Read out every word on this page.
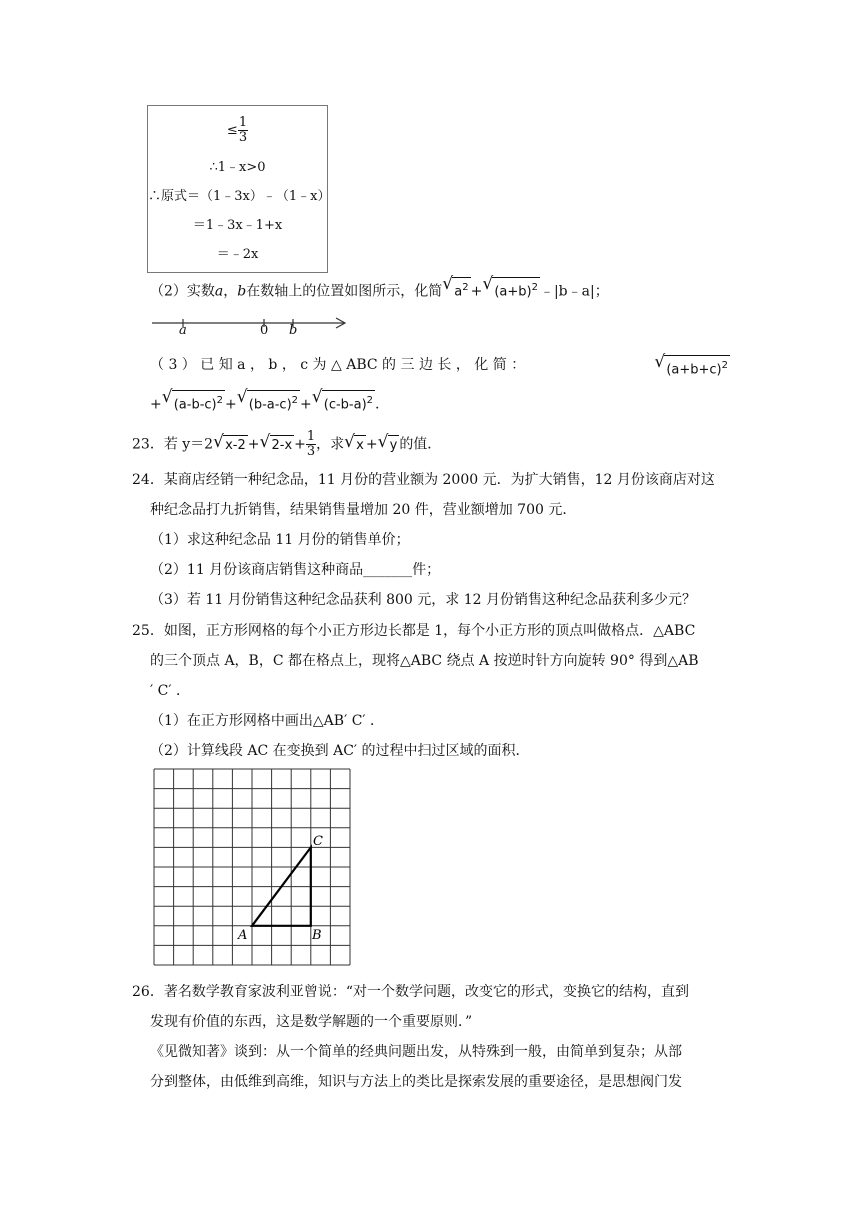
≤ $\frac{1}{3}$
∴1﹣x>0
∴原式＝（1﹣3x）﹣（1﹣x）
＝1﹣3x﹣1+x
＝﹣2x
（2）实数a，b在数轴上的位置如图所示，化简 √ $a^2$ + √ $(a+b)^2$ ﹣|b﹣a|；
a	0 b
（ 3 ） 已 知 a ， b ， c 为 △ ABC 的 三 边 长 ， 化 简 ：	√ $(a+b+c)^2$
+ √ $(a-b-c)^2$ + √ $(b-a-c)^2$ + √ $(c-b-a)^2$ .
23．若 y＝2 √ x-2 + √ $2-x + \frac{1}{3}$ ，求 √ x + √ y 的值．
24．某商店经销一种纪念品，11 月份的营业额为 2000 元．为扩大销售，12 月份该商店对这
种纪念品打九折销售，结果销售量增加 20 件，营业额增加 700 元．
（1）求这种纪念品 11 月份的销售单价；
（2）11 月份该商店销售这种商品_______件；
（3）若 11 月份销售这种纪念品获利 800 元，求 12 月份销售这种纪念品获利多少元？
25．如图，正方形网格的每个小正方形边长都是 1，每个小正方形的顶点叫做格点．△ABC
的三个顶点 A，B，C 都在格点上，现将△ABC 绕点 A 按逆时针方向旋转 90° 得到△AB
′ C′ ．
（1）在正方形网格中画出△AB′ C′ ．
（2）计算线段 AC 在变换到 AC′ 的过程中扫过区域的面积．
A	B
C
26．著名数学教育家波利亚曾说：“对一个数学问题，改变它的形式，变换它的结构，直到
发现有价值的东西，这是数学解题的一个重要原则．”
《见微知著》谈到：从一个简单的经典问题出发，从特殊到一般，由简单到复杂；从部
分到整体，由低维到高维，知识与方法上的类比是探索发展的重要途径，是思想阀门发
